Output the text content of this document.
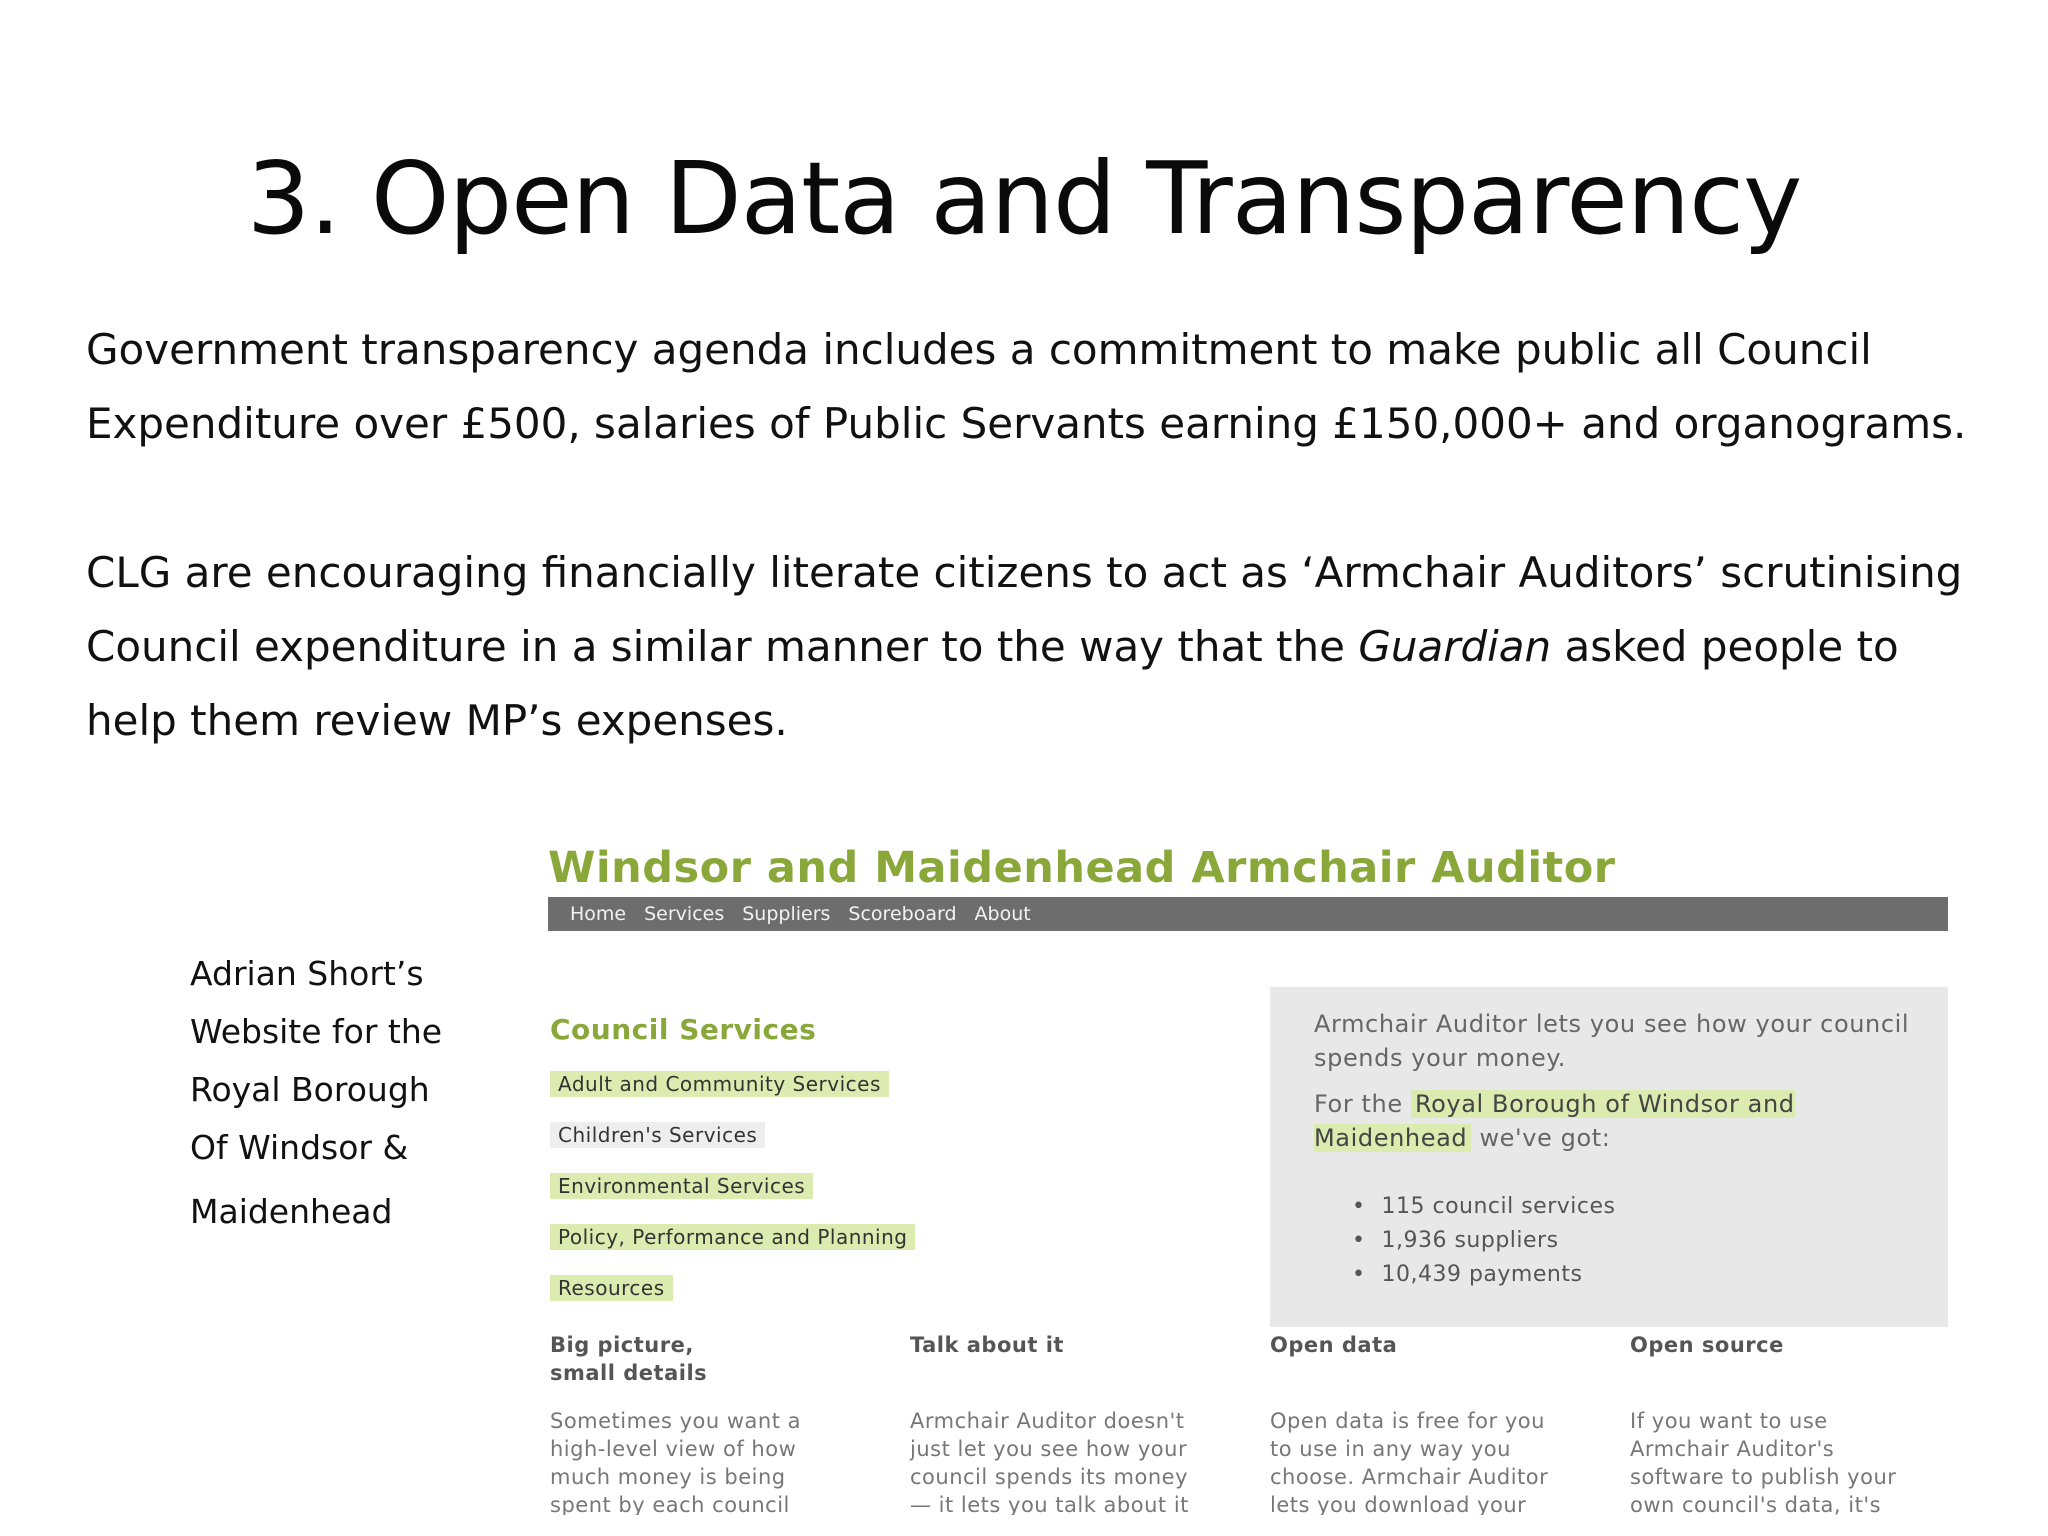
3. Open Data and Transparency

Government transparency agenda includes a commitment to make public all Council Expenditure over £500, salaries of Public Servants earning £150,000+ and organograms.

CLG are encouraging financially literate citizens to act as ‘Armchair Auditors’ scrutinising Council expenditure in a similar manner to the way that the Guardian asked people to help them review MP’s expenses.

Adrian Short’s
Website for the
Royal Borough
Of Windsor &
Maidenhead
Windsor and Maidenhead Armchair Auditor
Home Services Suppliers Scoreboard About
Council Services
Adult and Community Services
Children's Services
Environmental Services
Policy, Performance and Planning
Resources
Armchair Auditor lets you see how your council spends your money.
For the Royal Borough of Windsor and Maidenhead we've got:
• 115 council services
• 1,936 suppliers
• 10,439 payments
Big picture,
small details

Sometimes you want a
high-level view of how
much money is being
spent by each council

Talk about it

Armchair Auditor doesn't
just let you see how your
council spends its money
— it lets you talk about it

Open data

Open data is free for you
to use in any way you
choose. Armchair Auditor
lets you download your

Open source

If you want to use
Armchair Auditor's
software to publish your
own council's data, it's
